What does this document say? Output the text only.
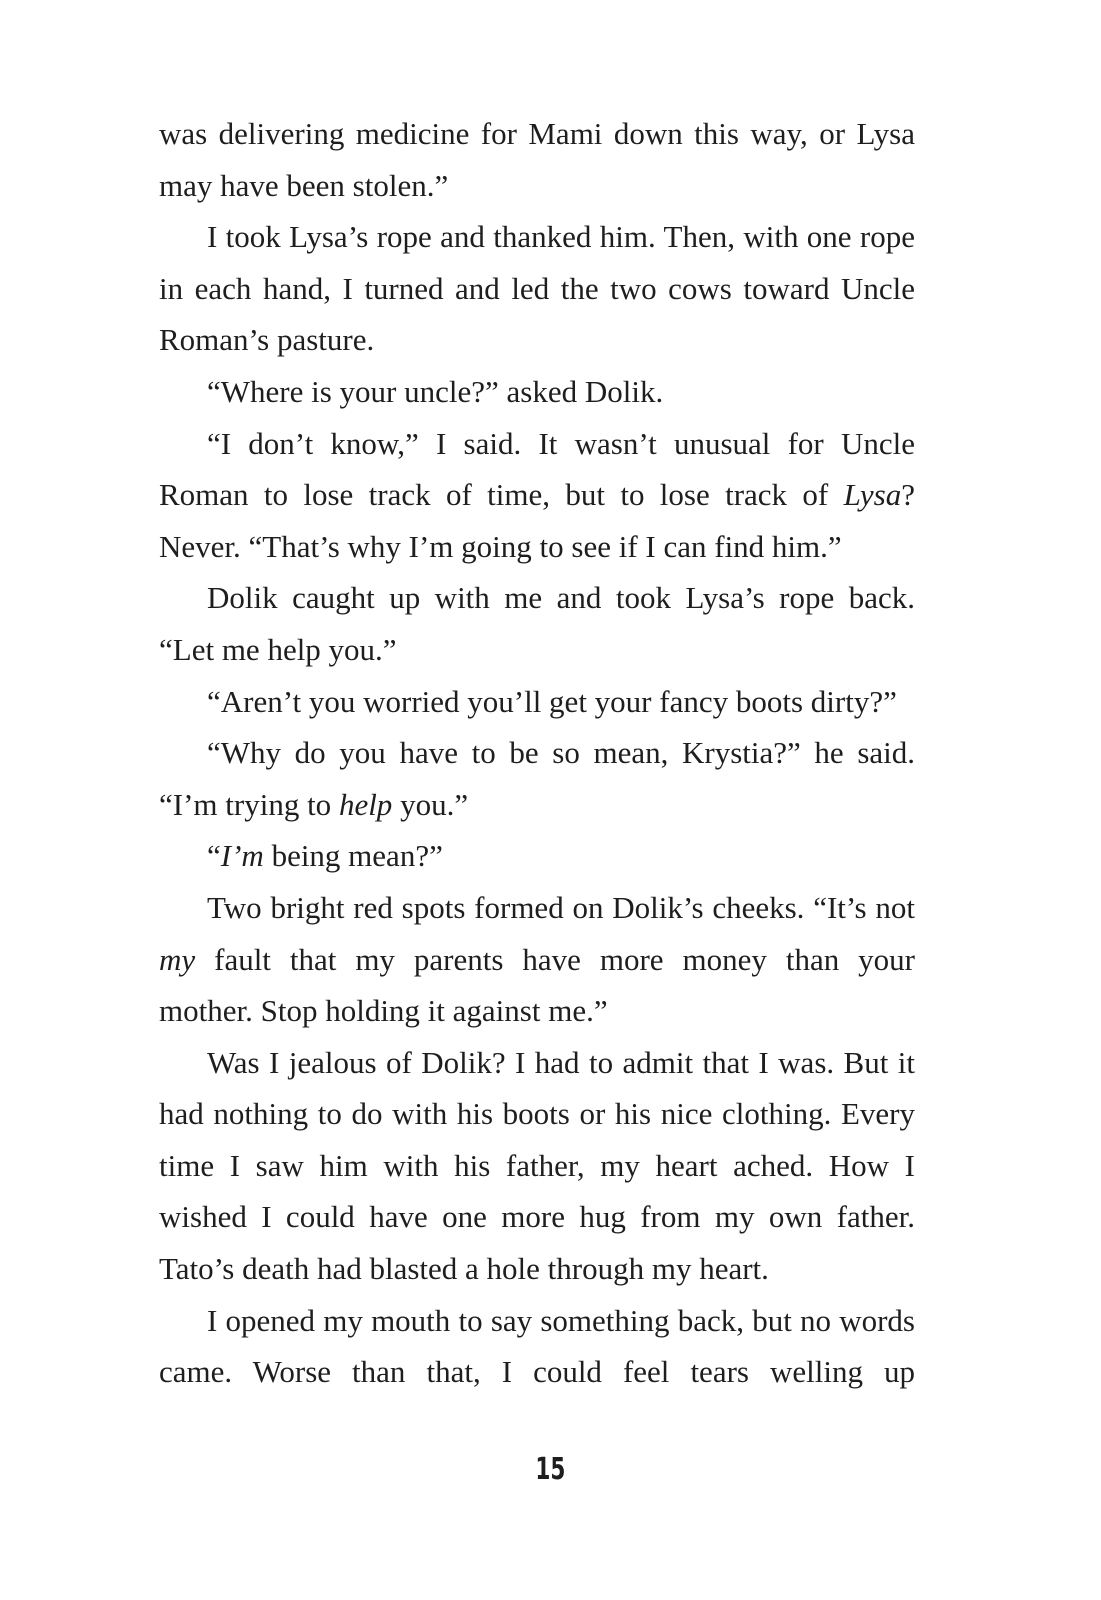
was delivering medicine for Mami down this way, or Lysa may have been stolen.”

I took Lysa’s rope and thanked him. Then, with one rope in each hand, I turned and led the two cows toward Uncle Roman’s pasture.

“Where is your uncle?” asked Dolik.

“I don’t know,” I said. It wasn’t unusual for Uncle Roman to lose track of time, but to lose track of Lysa? Never. “That’s why I’m going to see if I can find him.”

Dolik caught up with me and took Lysa’s rope back. “Let me help you.”

“Aren’t you worried you’ll get your fancy boots dirty?”

“Why do you have to be so mean, Krystia?” he said. “I’m trying to help you.”

“I’m being mean?”

Two bright red spots formed on Dolik’s cheeks. “It’s not my fault that my parents have more money than your mother. Stop holding it against me.”

Was I jealous of Dolik? I had to admit that I was. But it had nothing to do with his boots or his nice clothing. Every time I saw him with his father, my heart ached. How I wished I could have one more hug from my own father. Tato’s death had blasted a hole through my heart.

I opened my mouth to say something back, but no words came. Worse than that, I could feel tears welling up

15
